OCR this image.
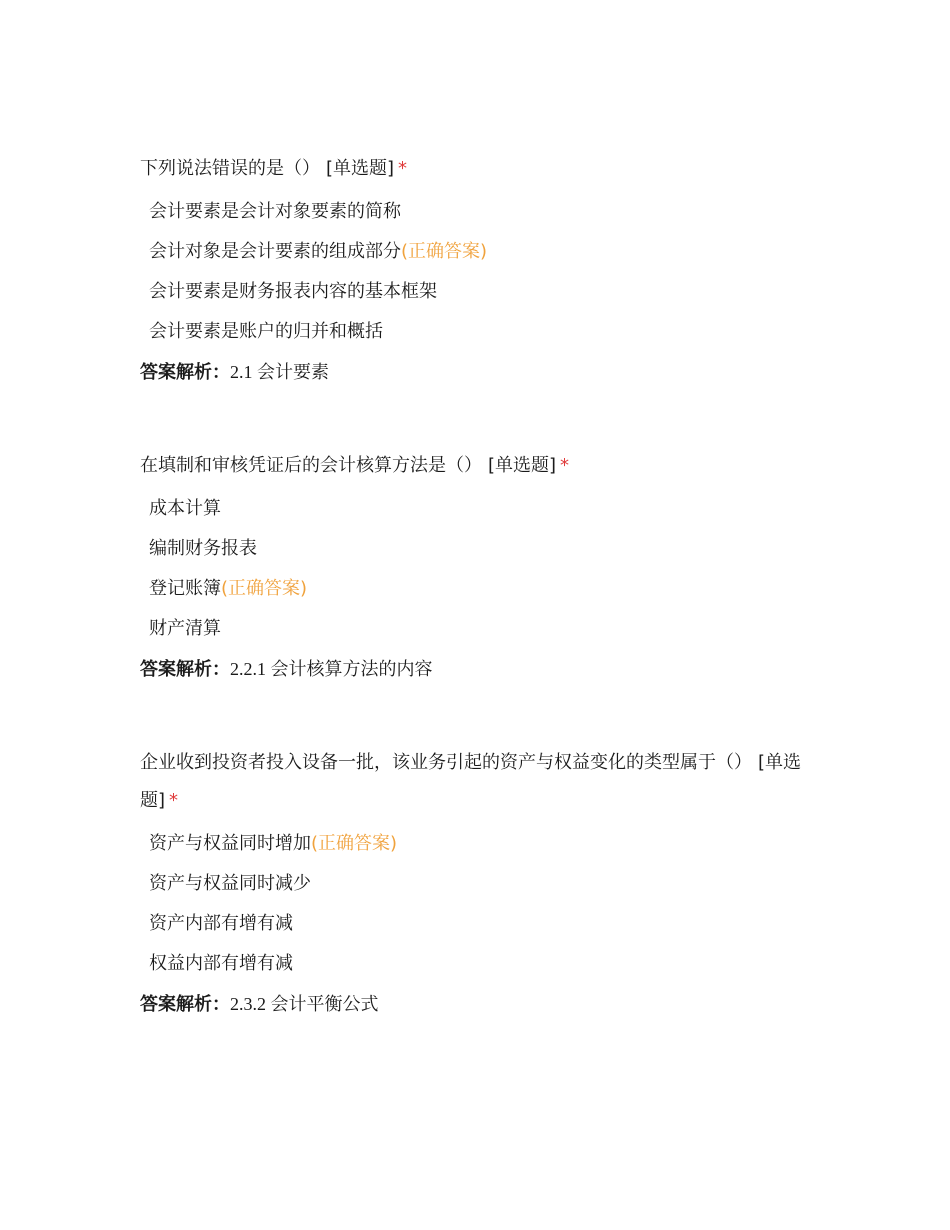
下列说法错误的是（） [单选题] *
会计要素是会计对象要素的简称
会计对象是会计要素的组成部分(正确答案)
会计要素是财务报表内容的基本框架
会计要素是账户的归并和概括
答案解析：2.1 会计要素
在填制和审核凭证后的会计核算方法是（） [单选题] *
成本计算
编制财务报表
登记账簿(正确答案)
财产清算
答案解析：2.2.1 会计核算方法的内容
企业收到投资者投入设备一批，该业务引起的资产与权益变化的类型属于（） [单选题] *
资产与权益同时增加(正确答案)
资产与权益同时减少
资产内部有增有减
权益内部有增有减
答案解析：2.3.2 会计平衡公式
